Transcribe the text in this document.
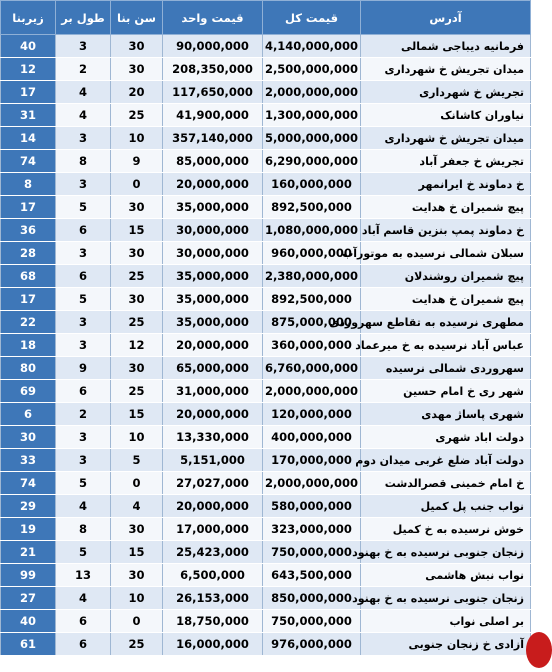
زیربنا	طول بر	سن بنا	قیمت واحد	قیمت کل	آدرس
40	3	30	90,000,000	4,140,000,000	فرمانیه دیباجی شمالی
12	2	30	208,350,000	2,500,000,000	میدان تجریش خ شهرداری
17	4	20	117,650,000	2,000,000,000	تجریش خ شهرداری
31	4	25	41,900,000	1,300,000,000	نیاوران کاشانک
14	3	10	357,140,000	5,000,000,000	میدان تجریش خ شهرداری
74	8	9	85,000,000	6,290,000,000	تجریش خ جعفر آباد
8	3	0	20,000,000	160,000,000	خ دماوند خ ایرانمهر
17	5	30	35,000,000	892,500,000	پیچ شمیران خ هدایت
36	6	15	30,000,000	1,080,000,000	خ دماوند پمپ بنزین قاسم آباد
28	3	30	30,000,000	960,000,000	سبلان شمالی نرسیده به موتورآب
68	6	25	35,000,000	2,380,000,000	پیچ شمیران روشندلان
17	5	30	35,000,000	892,500,000	پیچ شمیران خ هدایت
22	3	25	35,000,000	875,000,000	مطهری نرسیده به تقاطع سهروردی
18	3	12	20,000,000	360,000,000	عباس آباد نرسیده به خ میرعماد
80	9	30	65,000,000	6,760,000,000	سهروردی شمالی نرسیده
69	6	25	31,000,000	2,000,000,000	شهر ری خ امام حسین
6	2	15	20,000,000	120,000,000	شهری پاساژ مهدی
30	3	10	13,330,000	400,000,000	دولت اباد شهری
33	3	5	5,151,000	170,000,000	دولت آباد ضلع غربی میدان دوم
74	5	0	27,027,000	2,000,000,000	خ امام خمینی قصرالدشت
29	4	4	20,000,000	580,000,000	نواب جنب پل کمیل
19	8	30	17,000,000	323,000,000	خوش نرسیده به خ کمیل
21	5	15	25,423,000	750,000,000	زنجان جنوبی نرسیده به خ بهنود
99	13	30	6,500,000	643,500,000	نواب نبش هاشمی
27	4	10	26,153,000	850,000,000	زنجان جنوبی نرسیده به خ بهنود
40	6	0	18,750,000	750,000,000	بر اصلی نواب
61	6	25	16,000,000	976,000,000	آزادی خ زنجان جنوبی
